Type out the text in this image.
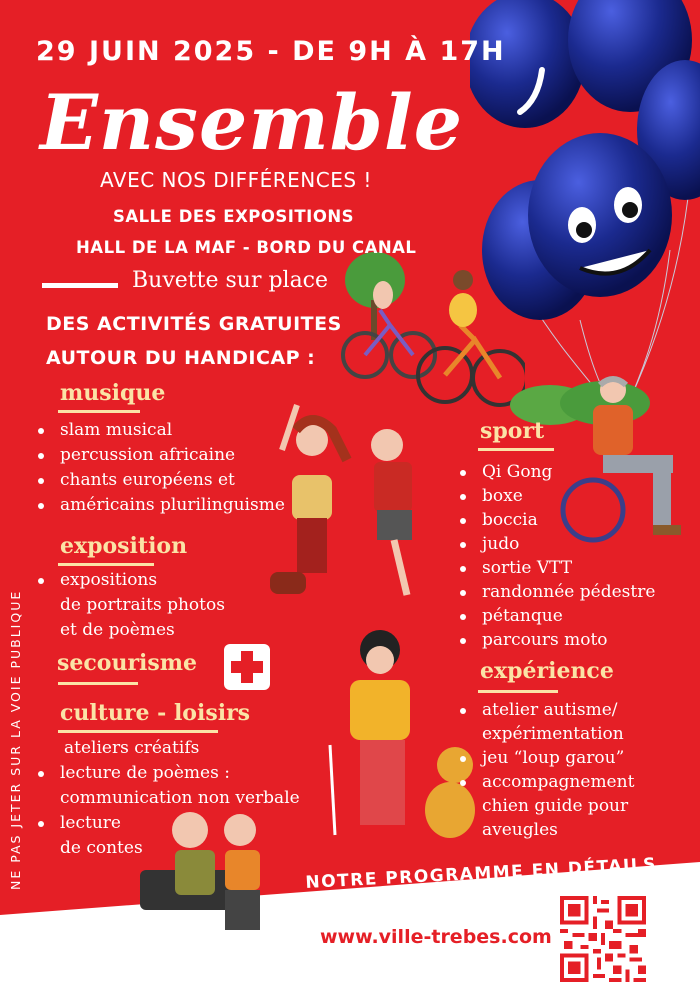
29 JUIN 2025 - DE 9H À 17H
Ensemble
AVEC NOS DIFFÉRENCES !
SALLE DES EXPOSITIONS
HALL DE LA MAF - BORD DU CANAL
Buvette sur place
DES ACTIVITÉS GRATUITES
AUTOUR DU HANDICAP :
musique
slam musical
percussion africaine
chants européens et
américains plurilinguisme
exposition
expositions
de portraits photos
et de poèmes
secourisme
culture - loisirs
ateliers créatifs
lecture de poèmes :
communication non verbale
lecture
de contes
sport
Qi Gong
boxe
boccia
judo
sortie VTT
randonnée pédestre
pétanque
parcours moto
expérience
atelier autisme/
expérimentation
jeu “loup garou”
accompagnement
chien guide pour
aveugles
NE PAS JETER SUR LA VOIE PUBLIQUE	NOTRE PROGRAMME EN DÉTAILS SUR
www.ville-trebes.com
